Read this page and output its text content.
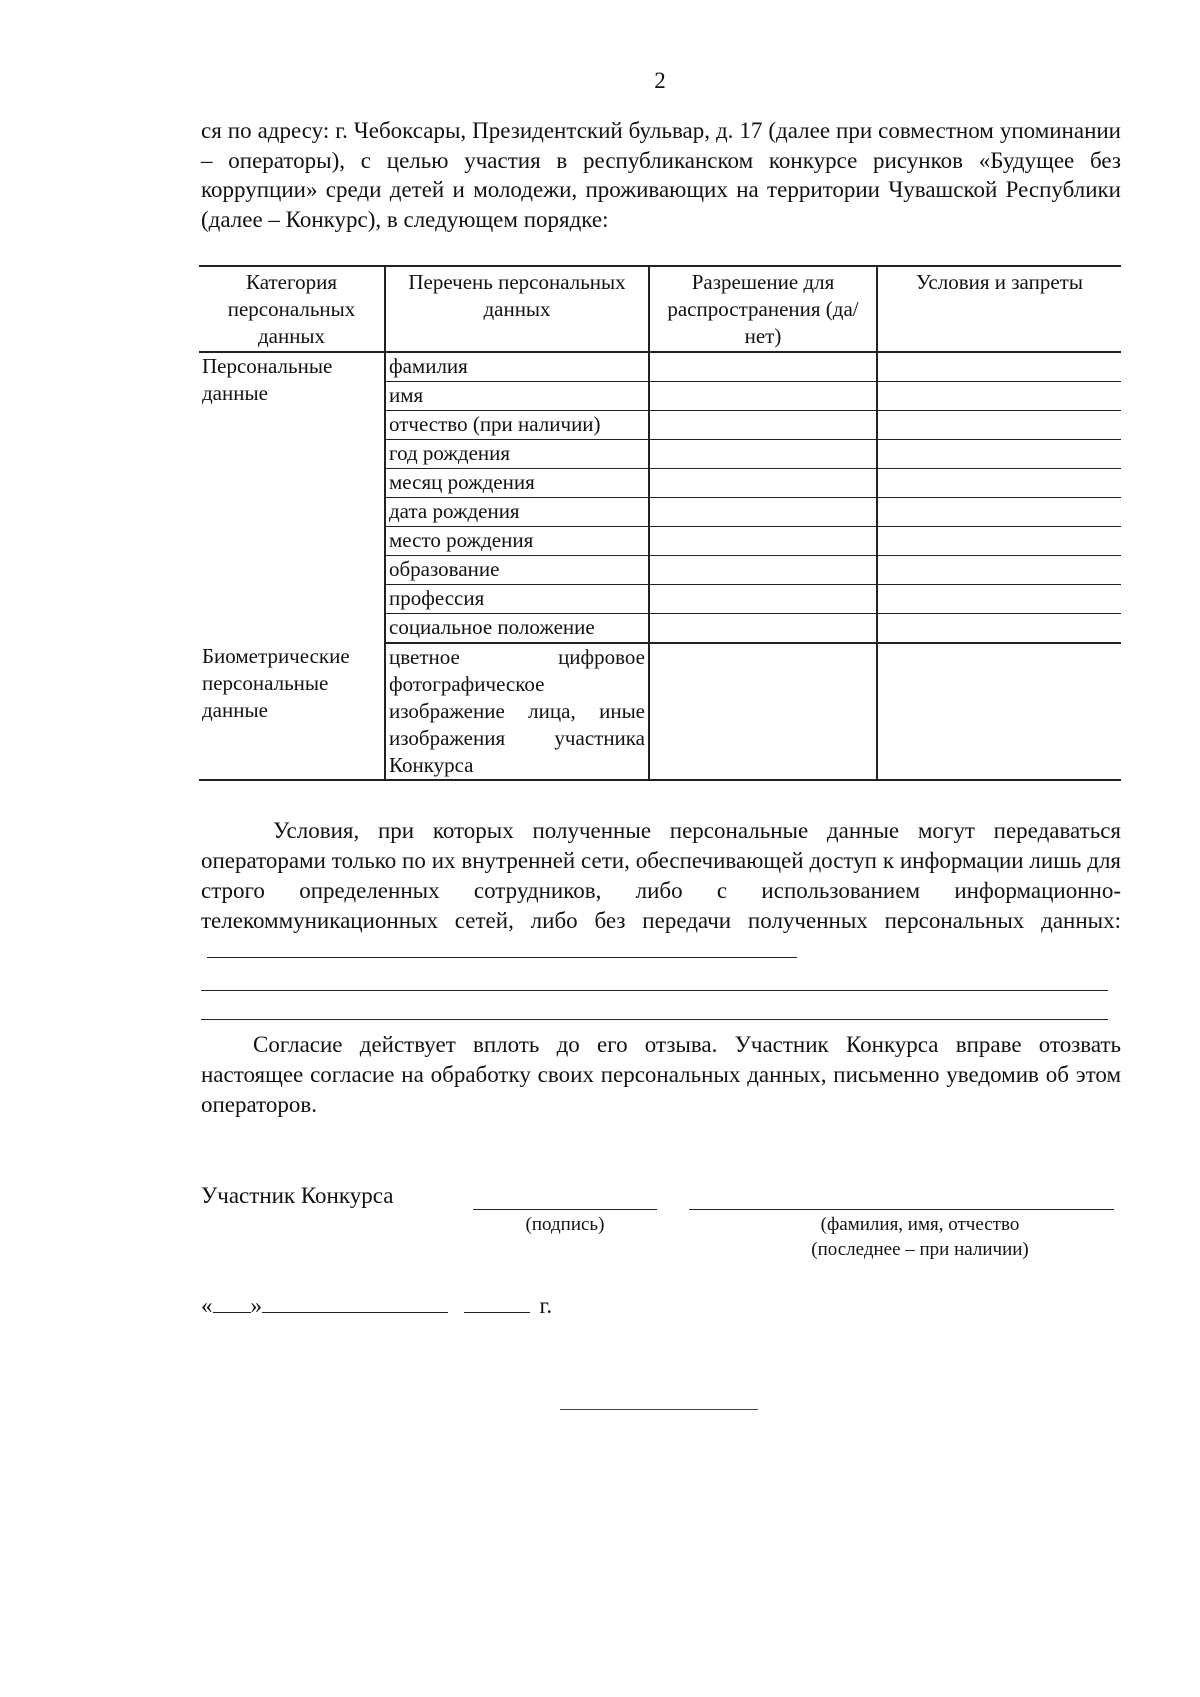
2

ся по адресу: г. Чебоксары, Президентский бульвар, д. 17 (далее при совместном упоминании – операторы), с целью участия в республиканском конкурсе рисунков «Будущее без коррупции» среди детей и молодежи, проживающих на территории Чувашской Республики (далее – Конкурс), в следующем порядке:

Категория персональных данных	Перечень персональных данных	Разрешение для распространения (да/нет)	Условия и запреты
Персональные данные	фамилия		
	имя		
	отчество (при наличии)		
	год рождения		
	месяц рождения		
	дата рождения		
	место рождения		
	образование		
	профессия		
	социальное положение		
Биометрические персональные данные	цветное цифровое фотографическое изображение лица, иные изображения участника Конкурса		

Условия, при которых полученные персональные данные могут передаваться операторами только по их внутренней сети, обеспечивающей доступ к информации лишь для строго определенных сотрудников, либо с использованием информационно-телекоммуникационных сетей, либо без передачи полученных персональных данных:

Согласие действует вплоть до его отзыва. Участник Конкурса вправе отозвать настоящее согласие на обработку своих персональных данных, письменно уведомив об этом операторов.

Участник Конкурса
(подпись)	(фамилия, имя, отчество
(последнее – при наличии)
« »	г.
